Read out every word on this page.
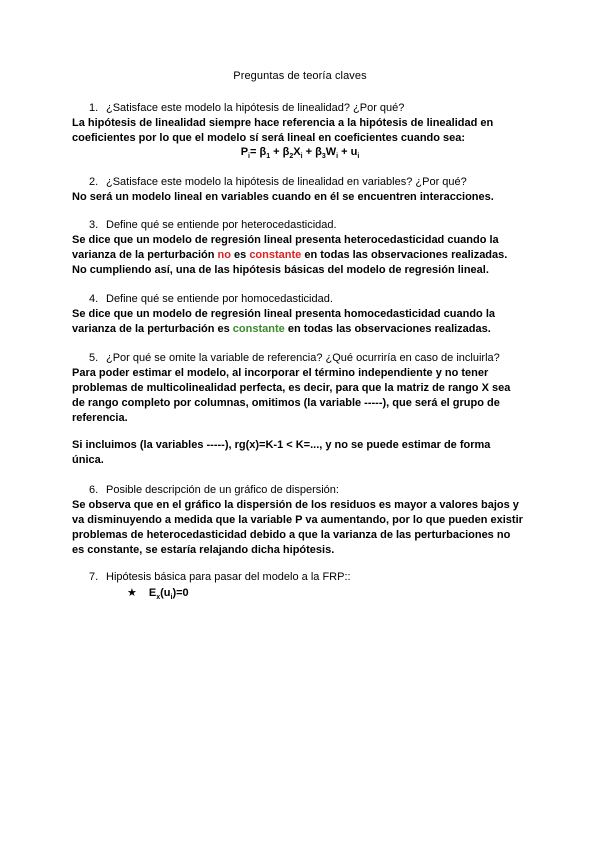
Preguntas de teoría claves
1. ¿Satisface este modelo la hipótesis de linealidad? ¿Por qué?
La hipótesis de linealidad siempre hace referencia a la hipótesis de linealidad en
coeficientes por lo que el modelo sí será lineal en coeficientes cuando sea:
$P_i= \beta_1 + \beta_2X_i + \beta_3W_i + u_i$
2. ¿Satisface este modelo la hipótesis de linealidad en variables? ¿Por qué?
No será un modelo lineal en variables cuando en él se encuentren interacciones.
3. Define qué se entiende por heterocedasticidad.
Se dice que un modelo de regresión lineal presenta heterocedasticidad cuando la
varianza de la perturbación no es constante en todas las observaciones realizadas.
No cumpliendo así, una de las hipótesis básicas del modelo de regresión lineal.
4. Define qué se entiende por homocedasticidad.
Se dice que un modelo de regresión lineal presenta homocedasticidad cuando la
varianza de la perturbación es constante en todas las observaciones realizadas.
5. ¿Por qué se omite la variable de referencia? ¿Qué ocurriría en caso de incluirla?
Para poder estimar el modelo, al incorporar el término independiente y no tener
problemas de multicolinealidad perfecta, es decir, para que la matriz de rango X sea
de rango completo por columnas, omitimos (la variable -----), que será el grupo de
referencia.
Si incluimos (la variables -----), rg(x)=K-1 < K=..., y no se puede estimar de forma
única.
6. Posible descripción de un gráfico de dispersión:
Se observa que en el gráfico la dispersión de los residuos es mayor a valores bajos y
va disminuyendo a medida que la variable P va aumentando, por lo que pueden existir
problemas de heterocedasticidad debido a que la varianza de las perturbaciones no
es constante, se estaría relajando dicha hipótesis.
7. Hipótesis básica para pasar del modelo a la FRP::
★ $E_x(u_i)=0$
